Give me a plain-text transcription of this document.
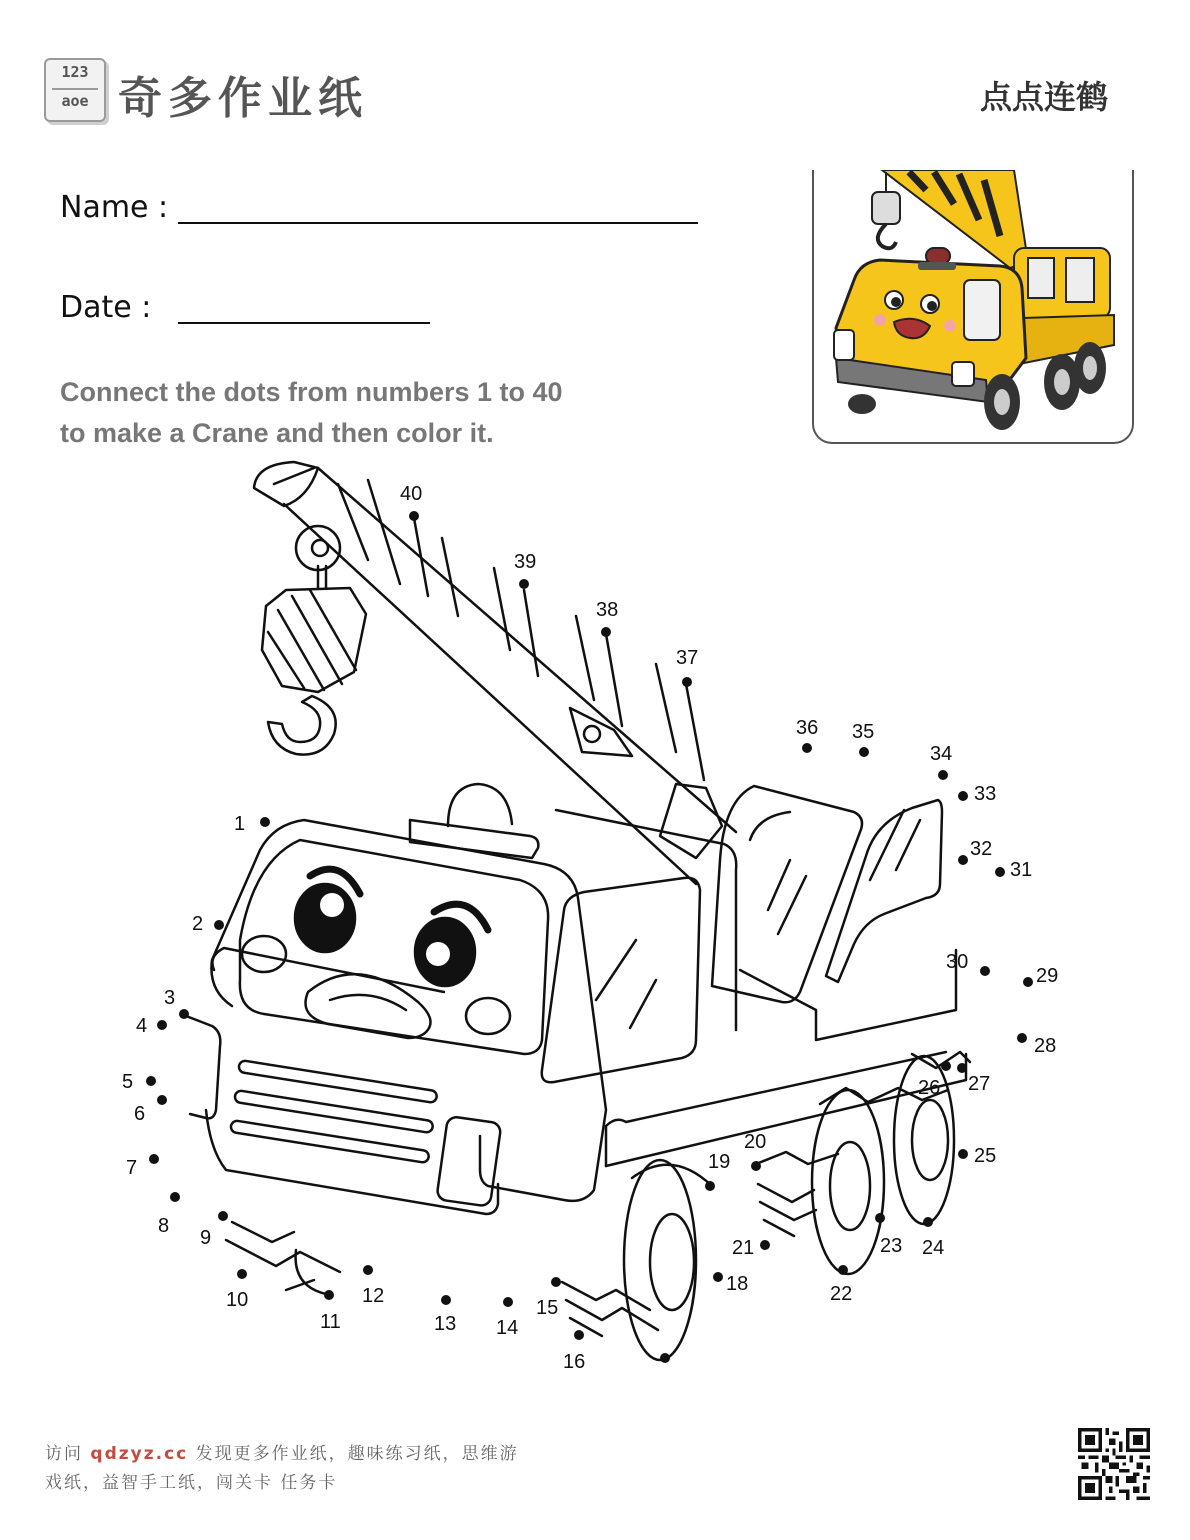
123
aoe 奇多作业纸	点点连鹤
Name :
Date :
Connect the dots from numbers 1 to 40
to make a Crane and then color it.
1
2
3
4
5
6
7
8
9
10
11
12
13 14
15
16
18
19
20
21
22
23 24
25
26 27
28
29
30
31
32
33
34
35
36
37
38
39
40
访问 qdzyz.cc 发现更多作业纸，趣味练习纸，思维游
戏纸，益智手工纸，闯关卡 任务卡
